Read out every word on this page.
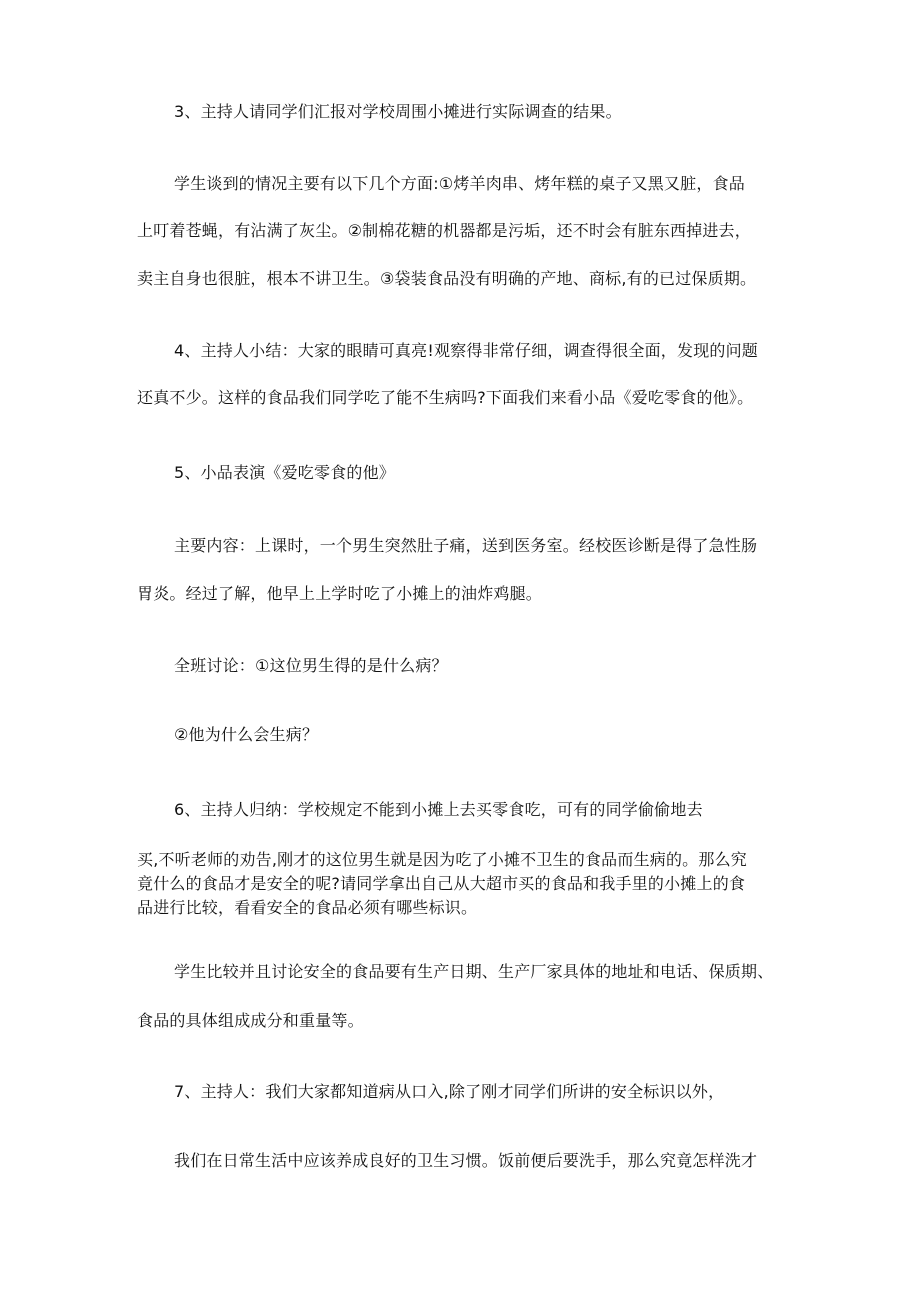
3、主持人请同学们汇报对学校周围小摊进行实际调查的结果。
学生谈到的情况主要有以下几个方面:①烤羊肉串、烤年糕的桌子又黑又脏，食品
上叮着苍蝇，有沾满了灰尘。②制棉花糖的机器都是污垢，还不时会有脏东西掉进去，
卖主自身也很脏，根本不讲卫生。③袋装食品没有明确的产地、商标,有的已过保质期。
4、主持人小结：大家的眼睛可真亮!观察得非常仔细，调查得很全面，发现的问题
还真不少。这样的食品我们同学吃了能不生病吗?下面我们来看小品《爱吃零食的他》。
5、小品表演《爱吃零食的他》
主要内容：上课时，一个男生突然肚子痛，送到医务室。经校医诊断是得了急性肠
胃炎。经过了解，他早上上学时吃了小摊上的油炸鸡腿。
全班讨论：①这位男生得的是什么病？
②他为什么会生病？
6、主持人归纳：学校规定不能到小摊上去买零食吃，可有的同学偷偷地去
买,不听老师的劝告,刚才的这位男生就是因为吃了小摊不卫生的食品而生病的。那么究
竟什么的食品才是安全的呢?请同学拿出自己从大超市买的食品和我手里的小摊上的食
品进行比较，看看安全的食品必须有哪些标识。
学生比较并且讨论安全的食品要有生产日期、生产厂家具体的地址和电话、保质期、
食品的具体组成成分和重量等。
7、主持人：我们大家都知道病从口入,除了刚才同学们所讲的安全标识以外，
我们在日常生活中应该养成良好的卫生习惯。饭前便后要洗手，那么究竟怎样洗才
